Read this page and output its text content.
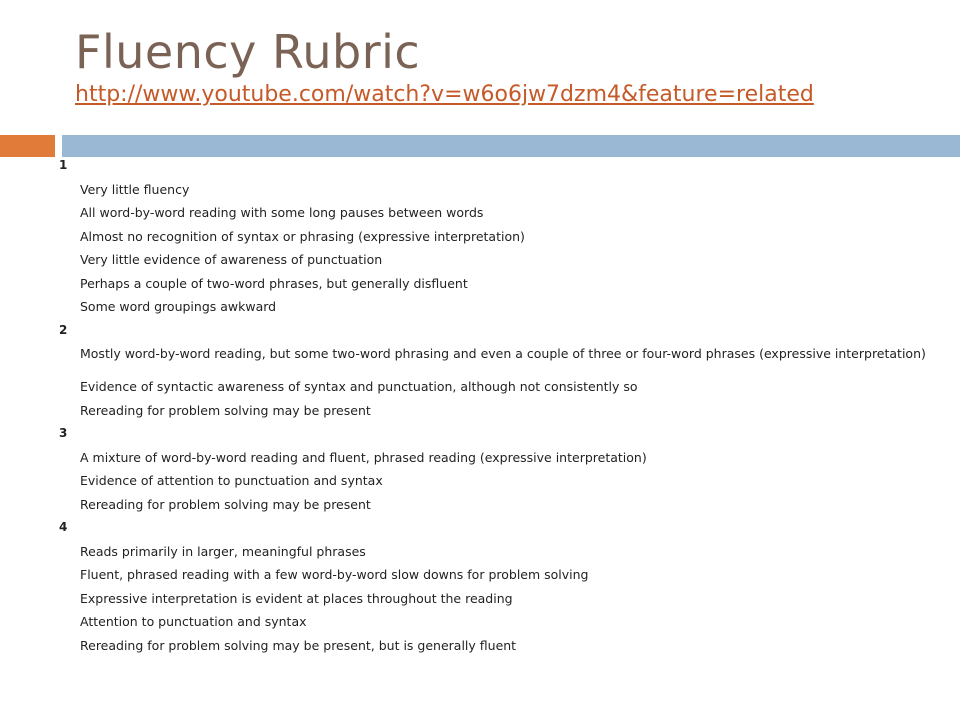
Fluency Rubric
http://www.youtube.com/watch?v=w6o6jw7dzm4&feature=related
1
Very little fluency
All word-by-word reading with some long pauses between words
Almost no recognition of syntax or phrasing (expressive interpretation)
Very little evidence of awareness of punctuation
Perhaps a couple of two-word phrases, but generally disfluent
Some word groupings awkward
2
Mostly word-by-word reading, but some two-word phrasing and even a couple of three or four-word phrases (expressive interpretation)
Evidence of syntactic awareness of syntax and punctuation, although not consistently so
Rereading for problem solving may be present
3
A mixture of word-by-word reading and fluent, phrased reading (expressive interpretation)
Evidence of attention to punctuation and syntax
Rereading for problem solving may be present
4
Reads primarily in larger, meaningful phrases
Fluent, phrased reading with a few word-by-word slow downs for problem solving
Expressive interpretation is evident at places throughout the reading
Attention to punctuation and syntax
Rereading for problem solving may be present, but is generally fluent
